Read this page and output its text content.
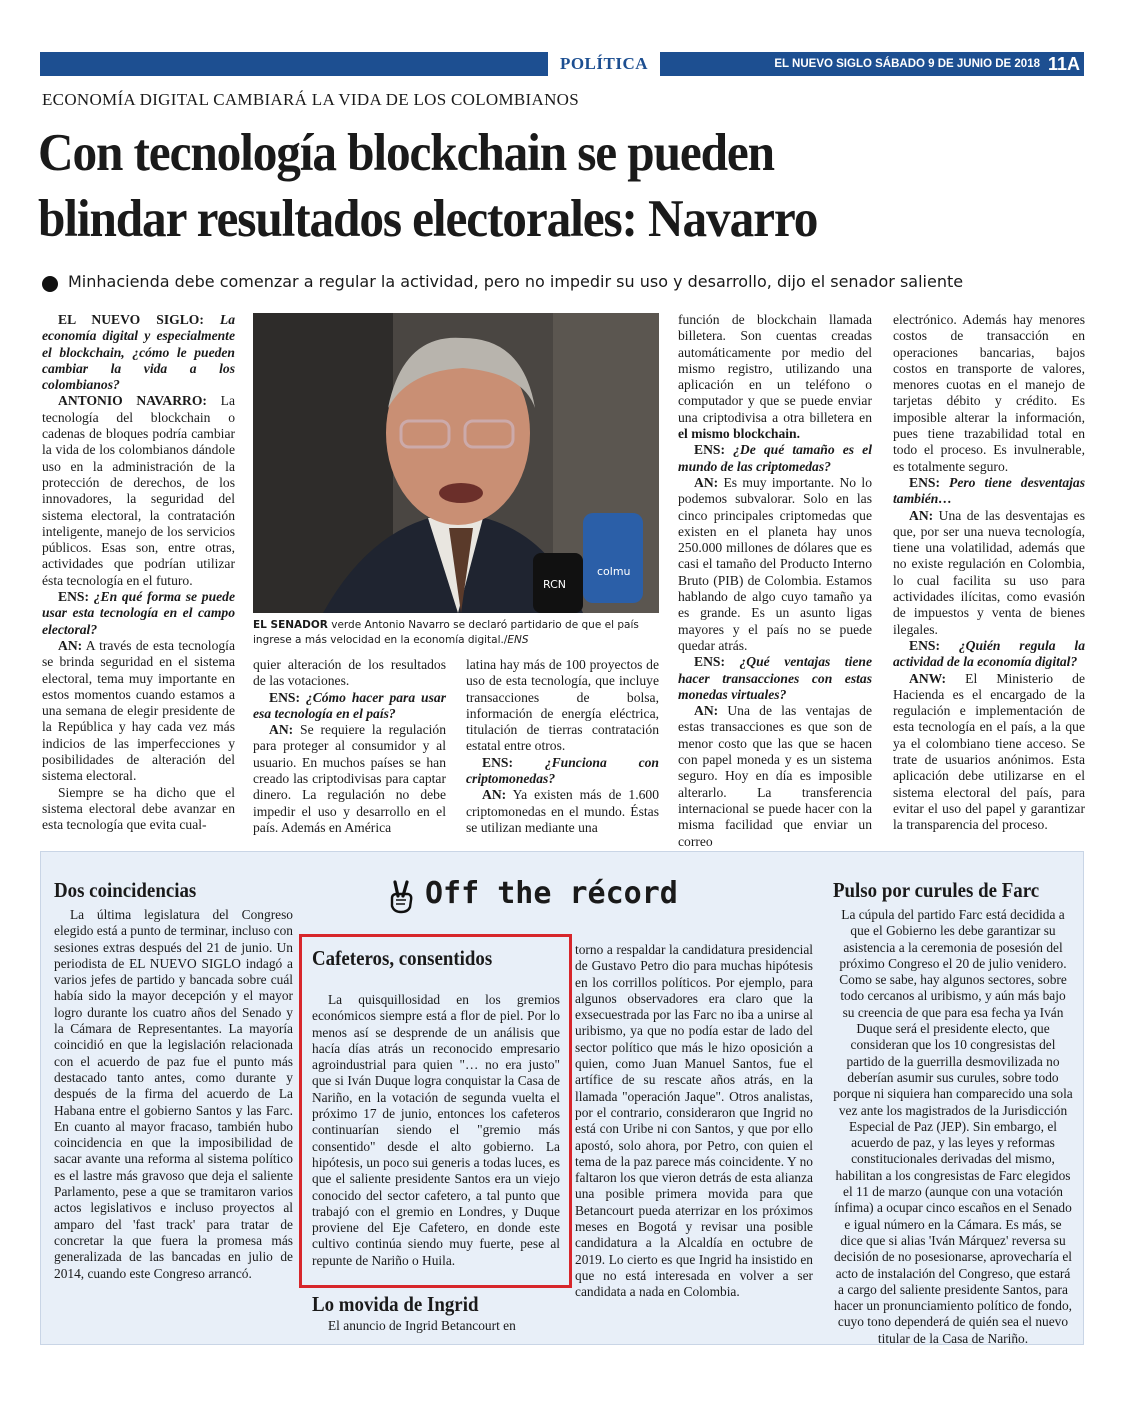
POLÍTICA	EL NUEVO SIGLO SÁBADO 9 DE JUNIO DE 2018 11A
ECONOMÍA DIGITAL CAMBIARÁ LA VIDA DE LOS COLOMBIANOS
Con tecnología blockchain se pueden
blindar resultados electorales: Navarro
Minhacienda debe comenzar a regular la actividad, pero no impedir su uso y desarrollo, dijo el senador saliente

EL NUEVO SIGLO: La economía digital y especialmente el blockchain, ¿cómo le pueden cambiar la vida a los colombianos?

ANTONIO NAVARRO: La tecnología del blockchain o cadenas de bloques podría cambiar la vida de los colombianos dándole uso en la administración de la protección de derechos, de los innovadores, la seguridad del sistema electoral, la contratación inteligente, manejo de los servicios públicos. Esas son, entre otras, actividades que podrían utilizar ésta tecnología en el futuro.

ENS: ¿En qué forma se puede usar esta tecnología en el campo electoral?

AN: A través de esta tecnología se brinda seguridad en el sistema electoral, tema muy importante en estos momentos cuando estamos a una semana de elegir presidente de la República y hay cada vez más indicios de las imperfecciones y posibilidades de alteración del sistema electoral.

Siempre se ha dicho que el sistema electoral debe avanzar en esta tecnología que evita cual-

colmu
RCN
EL SENADOR verde Antonio Navarro se declaró partidario de que el país ingrese a más velocidad en la economía digital./ENS

quier alteración de los resultados de las votaciones.

ENS: ¿Cómo hacer para usar esa tecnología en el país?

AN: Se requiere la regulación para proteger al consumidor y al usuario. En muchos países se han creado las criptodivisas para captar dinero. La regulación no debe impedir el uso y desarrollo en el país. Además en América

latina hay más de 100 proyectos de uso de esta tecnología, que incluye transacciones de bolsa, información de energía eléctrica, titulación de tierras contratación estatal entre otros.

ENS: ¿Funciona con criptomonedas?

AN: Ya existen más de 1.600 criptomonedas en el mundo. Éstas se utilizan mediante una

función de blockchain llamada billetera. Son cuentas creadas automáticamente por medio del mismo registro, utilizando una aplicación en un teléfono o computador y que se puede enviar una criptodivisa a otra billetera en el mismo blockchain.

ENS: ¿De qué tamaño es el mundo de las criptomedas?

AN: Es muy importante. No lo podemos subvalorar. Solo en las cinco principales criptomedas que existen en el planeta hay unos 250.000 millones de dólares que es casi el tamaño del Producto Interno Bruto (PIB) de Colombia. Estamos hablando de algo cuyo tamaño ya es grande. Es un asunto ligas mayores y el país no se puede quedar atrás.

ENS: ¿Qué ventajas tiene hacer transacciones con estas monedas virtuales?

AN: Una de las ventajas de estas transacciones es que son de menor costo que las que se hacen con papel moneda y es un sistema seguro. Hoy en día es imposible alterarlo. La transferencia internacional se puede hacer con la misma facilidad que enviar un correo

electrónico. Además hay menores costos de transacción en operaciones bancarias, bajos costos en transporte de valores, menores cuotas en el manejo de tarjetas débito y crédito. Es imposible alterar la información, pues tiene trazabilidad total en todo el proceso. Es invulnerable, es totalmente seguro.

ENS: Pero tiene desventajas también…

AN: Una de las desventajas es que, por ser una nueva tecnología, tiene una volatilidad, además que no existe regulación en Colombia, lo cual facilita su uso para actividades ilícitas, como evasión de impuestos y venta de bienes ilegales.

ENS: ¿Quién regula la actividad de la economía digital?

ANW: El Ministerio de Hacienda es el encargado de la regulación e implementación de esta tecnología en el país, a la que ya el colombiano tiene acceso. Se trate de usuarios anónimos. Esta aplicación debe utilizarse en el sistema electoral del país, para evitar el uso del papel y garantizar la transparencia del proceso.

Off the récord
Dos coincidencias
La última legislatura del Congreso elegido está a punto de terminar, incluso con sesiones extras después del 21 de junio. Un periodista de EL NUEVO SIGLO indagó a varios jefes de partido y bancada sobre cuál había sido la mayor decepción y el mayor logro durante los cuatro años del Senado y la Cámara de Representantes. La mayoría coincidió en que la legislación relacionada con el acuerdo de paz fue el punto más destacado tanto antes, como durante y después de la firma del acuerdo de La Habana entre el gobierno Santos y las Farc. En cuanto al mayor fracaso, también hubo coincidencia en que la imposibilidad de sacar avante una reforma al sistema político es el lastre más gravoso que deja el saliente Parlamento, pese a que se tramitaron varios actos legislativos e incluso proyectos al amparo del 'fast track' para tratar de concretar la que fuera la promesa más generalizada de las bancadas en julio de 2014, cuando este Congreso arrancó.
Cafeteros, consentidos
La quisquillosidad en los gremios económicos siempre está a flor de piel. Por lo menos así se desprende de un análisis que hacía días atrás un reconocido empresario agroindustrial para quien "… no era justo" que si Iván Duque logra conquistar la Casa de Nariño, en la votación de segunda vuelta el próximo 17 de junio, entonces los cafeteros continuarían siendo el "gremio más consentido" desde el alto gobierno. La hipótesis, un poco sui generis a todas luces, es que el saliente presidente Santos era un viejo conocido del sector cafetero, a tal punto que trabajó con el gremio en Londres, y Duque proviene del Eje Cafetero, en donde este cultivo continúa siendo muy fuerte, pese al repunte de Nariño o Huila.
Lo movida de Ingrid
El anuncio de Ingrid Betancourt en
torno a respaldar la candidatura presidencial de Gustavo Petro dio para muchas hipótesis en los corrillos políticos. Por ejemplo, para algunos observadores era claro que la exsecuestrada por las Farc no iba a unirse al uribismo, ya que no podía estar de lado del sector político que más le hizo oposición a quien, como Juan Manuel Santos, fue el artífice de su rescate años atrás, en la llamada "operación Jaque". Otros analistas, por el contrario, consideraron que Ingrid no está con Uribe ni con Santos, y que por ello apostó, solo ahora, por Petro, con quien el tema de la paz parece más coincidente. Y no faltaron los que vieron detrás de esta alianza una posible primera movida para que Betancourt pueda aterrizar en los próximos meses en Bogotá y revisar una posible candidatura a la Alcaldía en octubre de 2019. Lo cierto es que Ingrid ha insistido en que no está interesada en volver a ser candidata a nada en Colombia.
Pulso por curules de Farc
La cúpula del partido Farc está decidida a que el Gobierno les debe garantizar su asistencia a la ceremonia de posesión del próximo Congreso el 20 de julio venidero. Como se sabe, hay algunos sectores, sobre todo cercanos al uribismo, y aún más bajo su creencia de que para esa fecha ya Iván Duque será el presidente electo, que consideran que los 10 congresistas del partido de la guerrilla desmovilizada no deberían asumir sus curules, sobre todo porque ni siquiera han comparecido una sola vez ante los magistrados de la Jurisdicción Especial de Paz (JEP). Sin embargo, el acuerdo de paz, y las leyes y reformas constitucionales derivadas del mismo, habilitan a los congresistas de Farc elegidos el 11 de marzo (aunque con una votación ínfima) a ocupar cinco escaños en el Senado e igual número en la Cámara. Es más, se dice que si alias 'Iván Márquez' reversa su decisión de no posesionarse, aprovecharía el acto de instalación del Congreso, que estará a cargo del saliente presidente Santos, para hacer un pronunciamiento político de fondo, cuyo tono dependerá de quién sea el nuevo titular de la Casa de Nariño.
